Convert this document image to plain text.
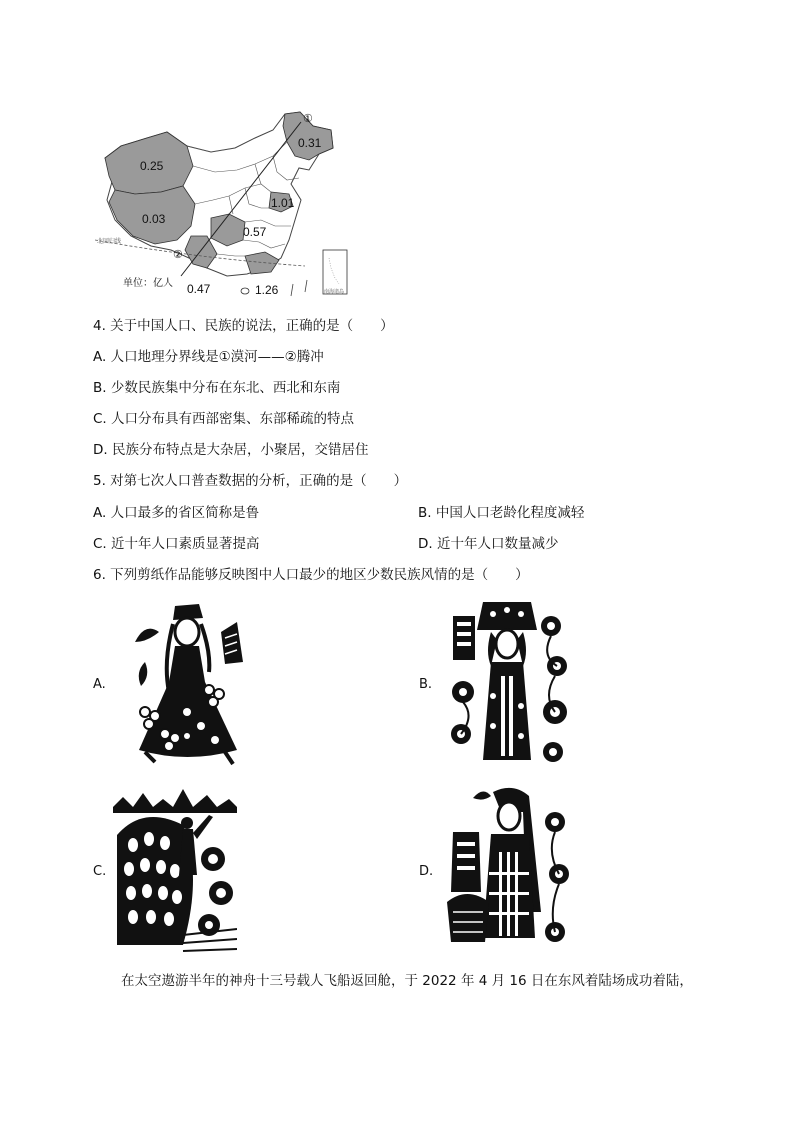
0.25
0.03
0.31
1.01
0.57
0.47	1.26
①
②
单位：亿人
北回归线
南海诸岛
4. 关于中国人口、民族的说法，正确的是（　　）
A. 人口地理分界线是①漠河——②腾冲
B. 少数民族集中分布在东北、西北和东南
C. 人口分布具有西部密集、东部稀疏的特点
D. 民族分布特点是大杂居，小聚居，交错居住
5. 对第七次人口普查数据的分析，正确的是（　　）
A. 人口最多的省区简称是鲁	B. 中国人口老龄化程度减轻
C. 近十年人口素质显著提高	D. 近十年人口数量减少
6. 下列剪纸作品能够反映图中人口最少的地区少数民族风情的是（　　）
A.	B.
C.	D.
在太空遨游半年的神舟十三号载人飞船返回舱，于 2022 年 4 月 16 日在东风着陆场成功着陆，
